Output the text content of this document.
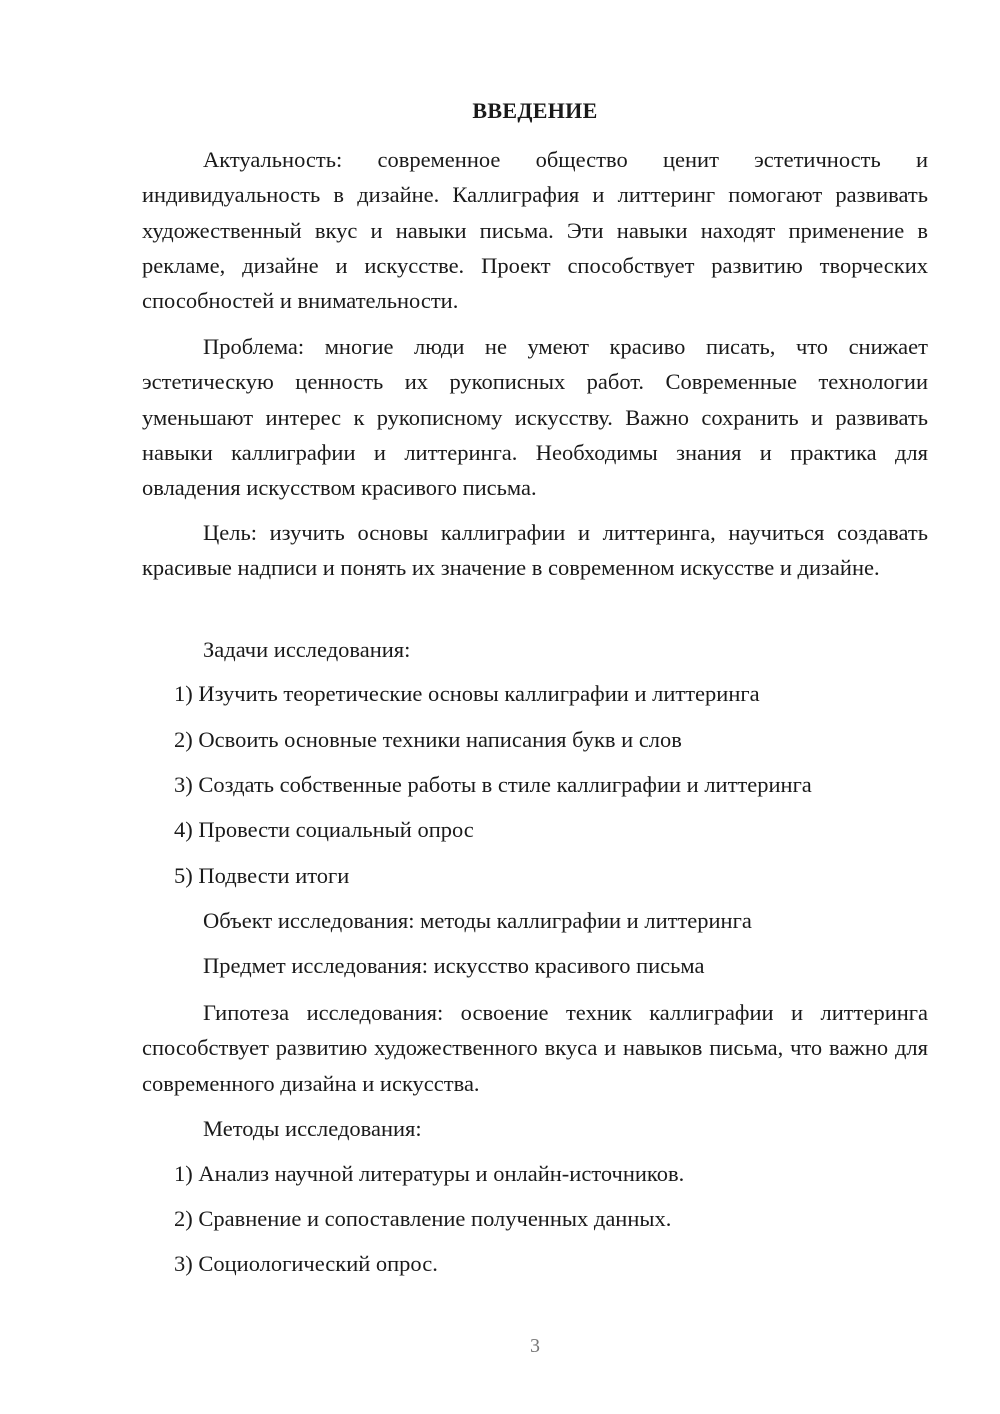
ВВЕДЕНИЕ
Актуальность: современное общество ценит эстетичность и индивидуальность в дизайне. Каллиграфия и литтеринг помогают развивать художественный вкус и навыки письма. Эти навыки находят применение в рекламе, дизайне и искусстве. Проект способствует развитию творческих способностей и внимательности.
Проблема: многие люди не умеют красиво писать, что снижает эстетическую ценность их рукописных работ. Современные технологии уменьшают интерес к рукописному искусству. Важно сохранить и развивать навыки каллиграфии и литтеринга. Необходимы знания и практика для овладения искусством красивого письма.
Цель: изучить основы каллиграфии и литтеринга, научиться создавать красивые надписи и понять их значение в современном искусстве и дизайне.
Задачи исследования:
1) Изучить теоретические основы каллиграфии и литтеринга
2) Освоить основные техники написания букв и слов
3) Создать собственные работы в стиле каллиграфии и литтеринга
4) Провести социальный опрос
5) Подвести итоги
Объект исследования: методы каллиграфии и литтеринга
Предмет исследования: искусство красивого письма
Гипотеза исследования: освоение техник каллиграфии и литтеринга способствует развитию художественного вкуса и навыков письма, что важно для современного дизайна и искусства.
Методы исследования:
1) Анализ научной литературы и онлайн-источников.
2) Сравнение и сопоставление полученных данных.
3) Социологический опрос.
3
